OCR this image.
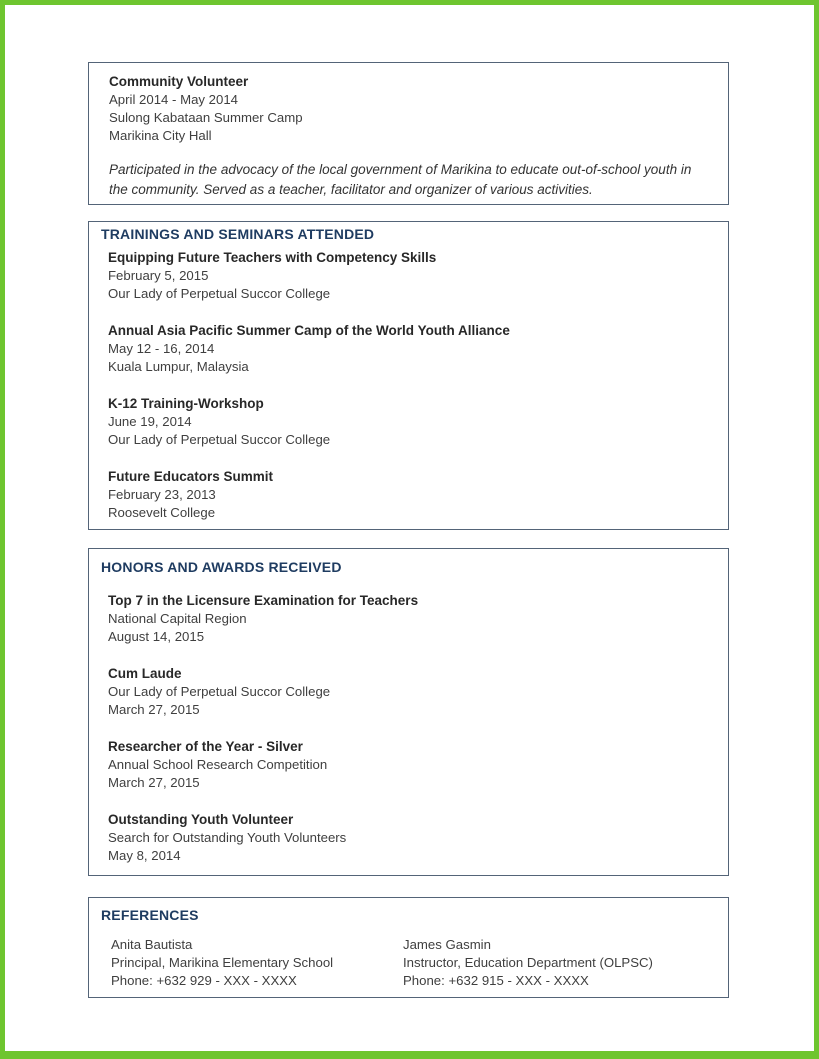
Community Volunteer
April 2014 - May 2014
Sulong Kabataan Summer Camp
Marikina City Hall

Participated in the advocacy of the local government of Marikina to educate out-of-school youth in the community. Served as a teacher, facilitator and organizer of various activities.

TRAININGS AND SEMINARS ATTENDED
Equipping Future Teachers with Competency Skills
February 5, 2015
Our Lady of Perpetual Succor College
Annual Asia Pacific Summer Camp of the World Youth Alliance
May 12 - 16, 2014
Kuala Lumpur, Malaysia
K-12 Training-Workshop
June 19, 2014
Our Lady of Perpetual Succor College
Future Educators Summit
February 23, 2013
Roosevelt College
HONORS AND AWARDS RECEIVED
Top 7 in the Licensure Examination for Teachers
National Capital Region
August 14, 2015
Cum Laude
Our Lady of Perpetual Succor College
March 27, 2015
Researcher of the Year - Silver
Annual School Research Competition
March 27, 2015
Outstanding Youth Volunteer
Search for Outstanding Youth Volunteers
May 8, 2014
REFERENCES
Anita Bautista
Principal, Marikina Elementary School
Phone: +632 929 - XXX - XXXX
James Gasmin
Instructor, Education Department (OLPSC)
Phone: +632 915 - XXX - XXXX
